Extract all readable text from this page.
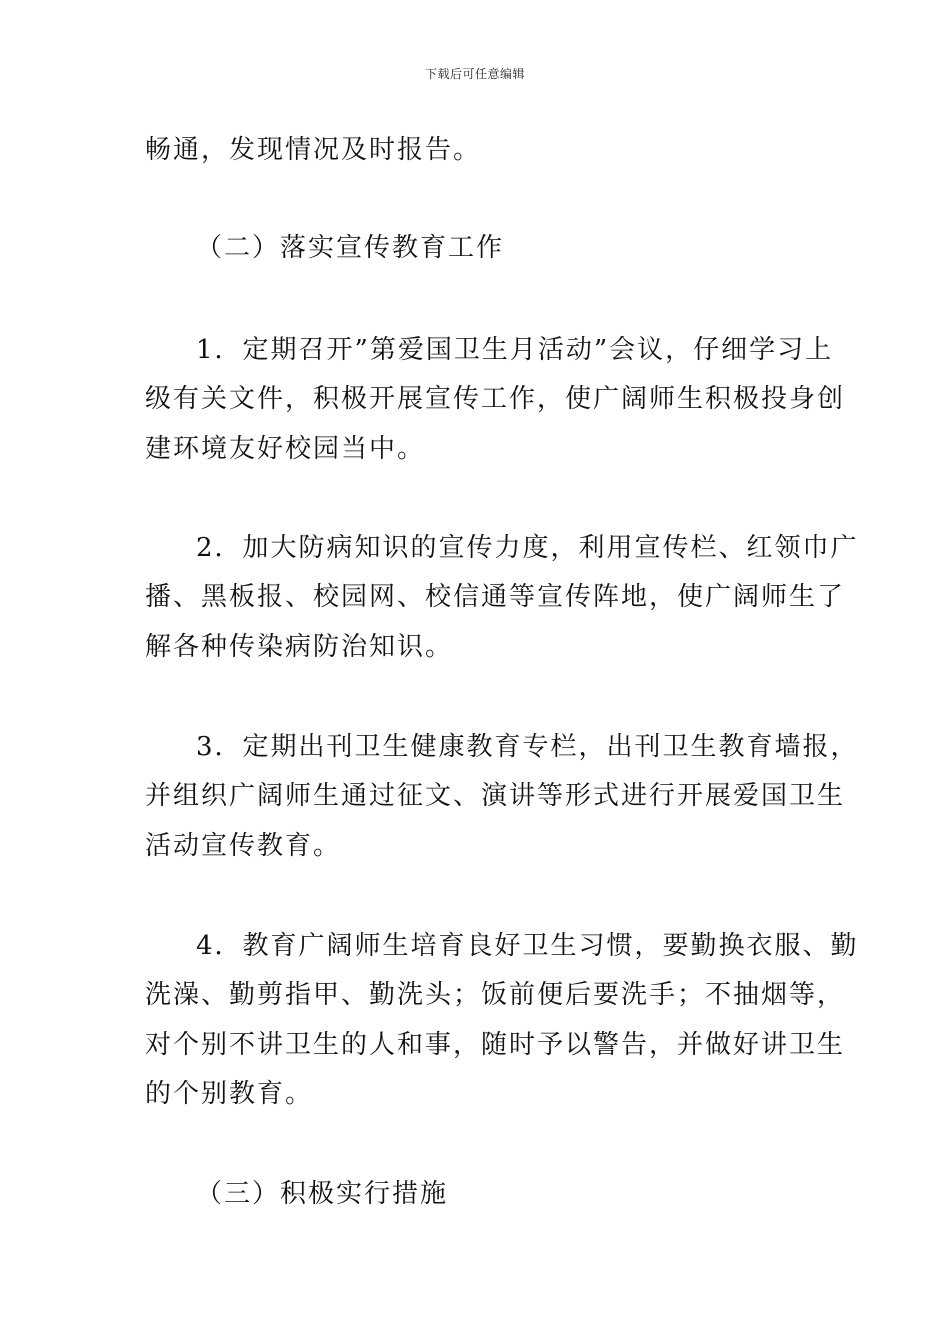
下载后可任意编辑
畅通，发现情况及时报告。
（二）落实宣传教育工作
1．定期召开”第爱国卫生月活动”会议，仔细学习上
级有关文件，积极开展宣传工作，使广阔师生积极投身创
建环境友好校园当中。
2．加大防病知识的宣传力度，利用宣传栏、红领巾广
播、黑板报、校园网、校信通等宣传阵地，使广阔师生了
解各种传染病防治知识。
3．定期出刊卫生健康教育专栏，出刊卫生教育墙报，
并组织广阔师生通过征文、演讲等形式进行开展爱国卫生
活动宣传教育。
4．教育广阔师生培育良好卫生习惯，要勤换衣服、勤
洗澡、勤剪指甲、勤洗头；饭前便后要洗手；不抽烟等，
对个别不讲卫生的人和事，随时予以警告，并做好讲卫生
的个别教育。
（三）积极实行措施
